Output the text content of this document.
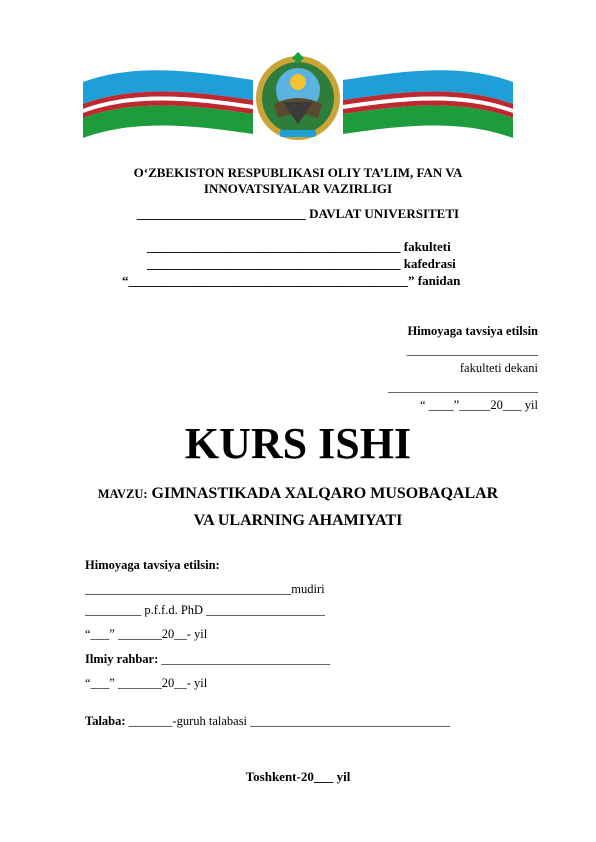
O‘ZBEKISTON RESPUBLIKASI OLIY TA’LIM, FAN VA
INNOVATSIYALAR VAZIRLIGI
__________________________ DAVLAT UNIVERSITETI
_______________________________________ fakulteti
_______________________________________ kafedrasi
“___________________________________________” fanidan
Himoyaga tavsiya etilsin
_____________________
fakulteti dekani
________________________
“ ____”_____20___ yil
KURS ISHI
MAVZU: GIMNASTIKADA XALQARO MUSOBAQALAR
VA ULARNING AHAMIYATI
Himoyaga tavsiya etilsin:
_________________________________mudiri
_________ p.f.f.d. PhD ___________________
“___” _______20__- yil
Ilmiy rahbar: ___________________________
“___” _______20__- yil
Talaba: _______-guruh talabasi ________________________________
Toshkent-20___ yil
